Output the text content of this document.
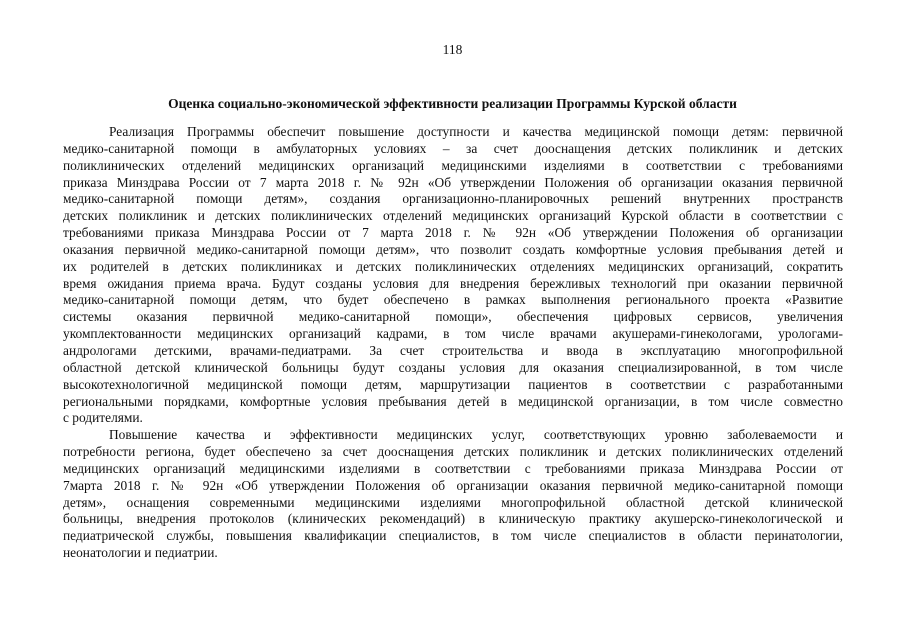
118
Оценка социально-экономической эффективности реализации Программы Курской области

Реализация Программы обеспечит повышение доступности и качества медицинской помощи детям: первичной
медико-санитарной помощи в амбулаторных условиях – за счет дооснащения детских поликлиник и детских
поликлинических отделений медицинских организаций медицинскими изделиями в соответствии с требованиями
приказа Минздрава России от 7 марта 2018 г. № 92н «Об утверждении Положения об организации оказания первичной
медико-санитарной помощи детям», создания организационно-планировочных решений внутренних пространств
детских поликлиник и детских поликлинических отделений медицинских организаций Курской области в соответствии с
требованиями приказа Минздрава России от 7 марта 2018 г. № 92н «Об утверждении Положения об организации
оказания первичной медико-санитарной помощи детям», что позволит создать комфортные условия пребывания детей и
их родителей в детских поликлиниках и детских поликлинических отделениях медицинских организаций, сократить
время ожидания приема врача. Будут созданы условия для внедрения бережливых технологий при оказании первичной
медико-санитарной помощи детям, что будет обеспечено в рамках выполнения регионального проекта «Развитие
системы оказания первичной медико-санитарной помощи», обеспечения цифровых сервисов, увеличения
укомплектованности медицинских организаций кадрами, в том числе врачами акушерами-гинекологами, урологами-
андрологами детскими, врачами-педиатрами. За счет строительства и ввода в эксплуатацию многопрофильной
областной детской клинической больницы будут созданы условия для оказания специализированной, в том числе
высокотехнологичной медицинской помощи детям, маршрутизации пациентов в соответствии с разработанными
региональными порядками, комфортные условия пребывания детей в медицинской организации, в том числе совместно
с родителями.

Повышение качества и эффективности медицинских услуг, соответствующих уровню заболеваемости и
потребности региона, будет обеспечено за счет дооснащения детских поликлиник и детских поликлинических отделений
медицинских организаций медицинскими изделиями в соответствии с требованиями приказа Минздрава России от
7марта 2018 г. № 92н «Об утверждении Положения об организации оказания первичной медико-санитарной помощи
детям», оснащения современными медицинскими изделиями многопрофильной областной детской клинической
больницы, внедрения протоколов (клинических рекомендаций) в клиническую практику акушерско-гинекологической и
педиатрической службы, повышения квалификации специалистов, в том числе специалистов в области перинатологии,
неонатологии и педиатрии.
